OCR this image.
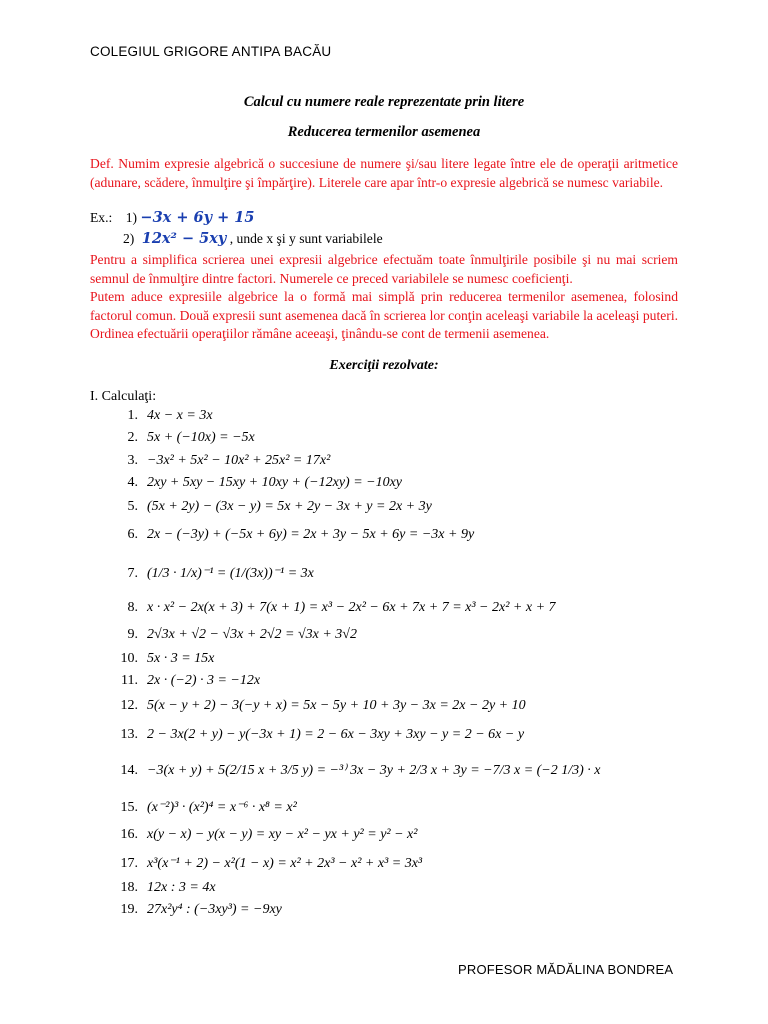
COLEGIUL GRIGORE ANTIPA BACĂU
Calcul cu numere reale reprezentate prin litere
Reducerea termenilor asemenea
Def. Numim expresie algebrică o succesiune de numere şi/sau litere legate între ele de operaţii aritmetice (adunare, scădere, înmulţire şi împărţire). Literele care apar într-o expresie algebrică se numesc variabile.
Ex.: 1) −3x + 6y + 15
2) 12x² − 5xy , unde x şi y sunt variabilele
Pentru a simplifica scrierea unei expresii algebrice efectuăm toate înmulţirile posibile şi nu mai scriem semnul de înmulţire dintre factori. Numerele ce preced variabilele se numesc coeficienţi.
Putem aduce expresiile algebrice la o formă mai simplă prin reducerea termenilor asemenea, folosind factorul comun. Două expresii sunt asemenea dacă în scrierea lor conţin aceleaşi variabile la aceleaşi puteri. Ordinea efectuării operaţiilor rămâne aceeaşi, ţinându-se cont de termenii asemenea.
Exerciţii rezolvate:
I. Calculaţi:
1. 4x − x = 3x
2. 5x + (−10x) = −5x
3. −3x² + 5x² − 10x² + 25x² = 17x²
4. 2xy + 5xy − 15xy + 10xy + (−12xy) = −10xy
5. (5x + 2y) − (3x − y) = 5x + 2y − 3x + y = 2x + 3y
6. 2x − (−3y) + (−5x + 6y) = 2x + 3y − 5x + 6y = −3x + 9y
7. (1/3 · 1/x)⁻¹ = (1/(3x))⁻¹ = 3x
8. x · x² − 2x(x + 3) + 7(x + 1) = x³ − 2x² − 6x + 7x + 7 = x³ − 2x² + x + 7
9. 2√3x + √2 − √3x + 2√2 = √3x + 3√2
10. 5x · 3 = 15x
11. 2x · (−2) · 3 = −12x
12. 5(x − y + 2) − 3(−y + x) = 5x − 5y + 10 + 3y − 3x = 2x − 2y + 10
13. 2 − 3x(2 + y) − y(−3x + 1) = 2 − 6x − 3xy + 3xy − y = 2 − 6x − y
14. −3(x + y) + 5(2/15 x + 3/5 y) = −³⁾ 3x − 3y + 2/3 x + 3y = −7/3 x = (−2 1/3) · x
15. (x⁻²)³ · (x²)⁴ = x⁻⁶ · x⁸ = x²
16. x(y − x) − y(x − y) = xy − x² − yx + y² = y² − x²
17. x³(x⁻¹ + 2) − x²(1 − x) = x² + 2x³ − x² + x³ = 3x³
18. 12x : 3 = 4x
19. 27x²y⁴ : (−3xy³) = −9xy
PROFESOR MĂDĂLINA BONDREA
